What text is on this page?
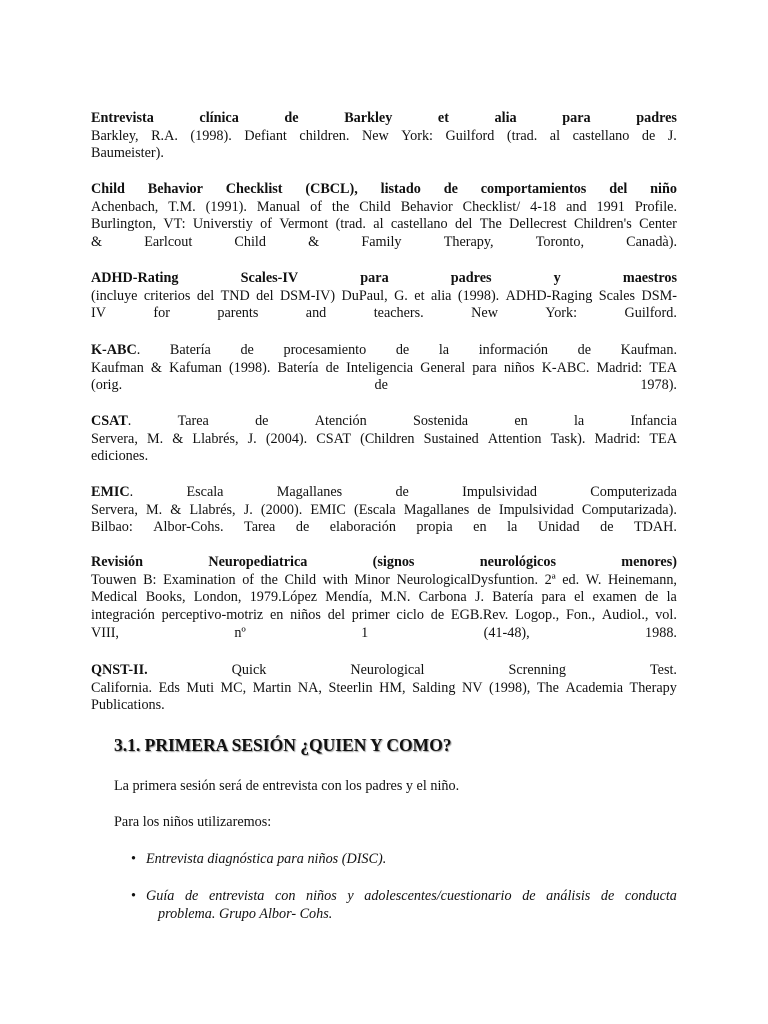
Entrevista	clínica	de	Barkley	et	alia	para	padres
Barkley, R.A. (1998). Defiant children. New York: Guilford (trad. al castellano de J.
Baumeister).
Child Behavior Checklist (CBCL), listado de comportamientos del niño
Achenbach, T.M. (1991). Manual of the Child Behavior Checklist/ 4-18 and 1991 Profile.
Burlington, VT: Universtiy of Vermont (trad. al castellano del The Dellecrest Children's Center
&	Earlcout	Child	&	Family	Therapy,	Toronto,	Canadà).
ADHD-Rating	Scales-IV	para	padres	y	maestros
(incluye criterios del TND del DSM-IV) DuPaul, G. et alia (1998). ADHD-Raging Scales DSM-
IV	for	parents	and	teachers.	New	York:	Guilford.
K-ABC. Batería de procesamiento de la información de Kaufman.
Kaufman & Kafuman (1998). Batería de Inteligencia General para niños K-ABC. Madrid: TEA
(orig.	de	1978).
CSAT.	Tarea	de	Atención	Sostenida	en	la	Infancia
Servera, M. & Llabrés, J. (2004). CSAT (Children Sustained Attention Task). Madrid: TEA
ediciones.
EMIC.	Escala	Magallanes	de	Impulsividad	Computerizada
Servera, M. & Llabrés, J. (2000). EMIC (Escala Magallanes de Impulsividad Computarizada).
Bilbao: Albor-Cohs. Tarea de elaboración propia en la Unidad de TDAH.
Revisión	Neuropediatrica	(signos	neurológicos	menores)
Touwen B: Examination of the Child with Minor NeurologicalDysfuntion. 2ª ed. W. Heinemann,
Medical Books, London, 1979.López Mendía, M.N. Carbona J. Batería para el examen de la
integración perceptivo-motriz en niños del primer ciclo de EGB.Rev. Logop., Fon., Audiol., vol.
VIII,	nº	1	(41-48),	1988.
QNST-II.	Quick	Neurological	Screnning	Test.
California. Eds Muti MC, Martin NA, Steerlin HM, Salding NV (1998), The Academia Therapy
Publications.
3.1. PRIMERA SESIÓN ¿QUIEN Y COMO?
La primera sesión será de entrevista con los padres y el niño.
Para los niños utilizaremos:
• Entrevista diagnóstica para niños (DISC).
• Guía de entrevista con niños y adolescentes/cuestionario de análisis de conducta
problema. Grupo Albor- Cohs.
